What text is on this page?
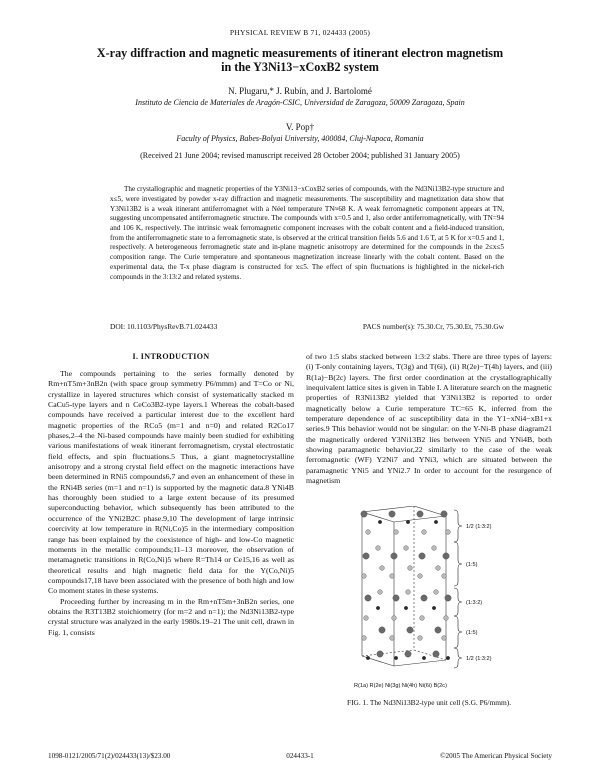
PHYSICAL REVIEW B 71, 024433 (2005)
X-ray diffraction and magnetic measurements of itinerant electron magnetism
in the Y3Ni13−xCoxB2 system
N. Plugaru,* J. Rubín, and J. Bartolomé
Instituto de Ciencia de Materiales de Aragón-CSIC, Universidad de Zaragoza, 50009 Zaragoza, Spain
V. Pop†
Faculty of Physics, Babes-Bolyai University, 400084, Cluj-Napoca, Romania
(Received 21 June 2004; revised manuscript received 28 October 2004; published 31 January 2005)

The crystallographic and magnetic properties of the Y3Ni13−xCoxB2 series of compounds, with the Nd3Ni13B2-type structure and x≤5, were investigated by powder x-ray diffraction and magnetic measurements. The susceptibility and magnetization data show that Y3Ni13B2 is a weak itinerant antiferromagnet with a Néel temperature TN≈68 K. A weak ferromagnetic component appears at TN, suggesting uncompensated antiferromagnetic structure. The compounds with x=0.5 and 1, also order antiferromagnetically, with TN=94 and 106 K, respectively. The intrinsic weak ferromagnetic component increases with the cobalt content and a field-induced transition, from the antiferromagnetic state to a ferromagnetic state, is observed at the critical transition fields 5.6 and 1.6 T, at 5 K for x=0.5 and 1, respectively. A heterogeneous ferromagnetic state and in-plane magnetic anisotropy are determined for the compounds in the 2≤x≤5 composition range. The Curie temperature and spontaneous magnetization increase linearly with the cobalt content. Based on the experimental data, the T-x phase diagram is constructed for x≤5. The effect of spin fluctuations is highlighted in the nickel-rich compounds in the 3:13:2 and related systems.

DOI: 10.1103/PhysRevB.71.024433	PACS number(s): 75.30.Cr, 75.30.Et, 75.30.Gw
I. INTRODUCTION

The compounds pertaining to the series formally denoted by Rm+nT5m+3nB2n (with space group symmetry P6/mmm) and T=Co or Ni, crystallize in layered structures which consist of systematically stacked m CaCu5-type layers and n CeCo3B2-type layers.1 Whereas the cobalt-based compounds have received a particular interest due to the excellent hard magnetic properties of the RCo5 (m=1 and n=0) and related R2Co17 phases,2–4 the Ni-based compounds have mainly been studied for exhibiting various manifestations of weak itinerant ferromagnetism, crystal electrostatic field effects, and spin fluctuations.5 Thus, a giant magnetocrystalline anisotropy and a strong crystal field effect on the magnetic interactions have been determined in RNi5 compounds6,7 and even an enhancement of these in the RNi4B series (m=1 and n=1) is supported by the magnetic data.8 YNi4B has thoroughly been studied to a large extent because of its presumed superconducting behavior, which subsequently has been attributed to the occurrence of the YNi2B2C phase.9,10 The development of large intrinsic coercivity at low temperature in R(Ni,Co)5 in the intermediary composition range has been explained by the coexistence of high- and low-Co magnetic moments in the metallic compounds;11–13 moreover, the observation of metamagnetic transitions in R(Co,Ni)5 where R=Th14 or Ce15,16 as well as theoretical results and high magnetic field data for the Y(Co,Ni)5 compounds17,18 have been associated with the presence of both high and low Co moment states in these systems.

Proceeding further by increasing m in the Rm+nT5m+3nB2n series, one obtains the R3T13B2 stoichiometry (for m=2 and n=1); the Nd3Ni13B2-type crystal structure was analyzed in the early 1980s.19–21 The unit cell, drawn in Fig. 1, consists

of two 1:5 slabs stacked between 1:3:2 slabs. There are three types of layers: (i) T-only containing layers, T(3g) and T(6i), (ii) R(2e)−T(4h) layers, and (iii) R(1a)−B(2c) layers. The first order coordination at the crystallographically inequivalent lattice sites is given in Table I. A literature search on the magnetic properties of R3Ni13B2 yielded that Y3Ni13B2 is reported to order magnetically below a Curie temperature TC=65 K, inferred from the temperature dependence of ac susceptibility data in the Y1−xNi4−xB1+x series.9 This behavior would not be singular: on the Y-Ni-B phase diagram21 the magnetically ordered Y3Ni13B2 lies between YNi5 and YNi4B, both showing paramagnetic behavior,22 similarly to the case of the weak ferromagnetic (WF) Y2Ni7 and YNi3, which are situated between the paramagnetic YNi5 and YNi2.7 In order to account for the resurgence of magnetism

1/2 (1:3:2)
(1:5)
(1:3:2)
(1:5)
1/2 (1:3:2)
R(1a) R(2e) Ni(3g) Ni(4h) Ni(6i) B(2c)
FIG. 1. The Nd3Ni13B2-type unit cell (S.G. P6/mmm).
1098-0121/2005/71(2)/024433(13)/$23.00	024433-1	©2005 The American Physical Society
